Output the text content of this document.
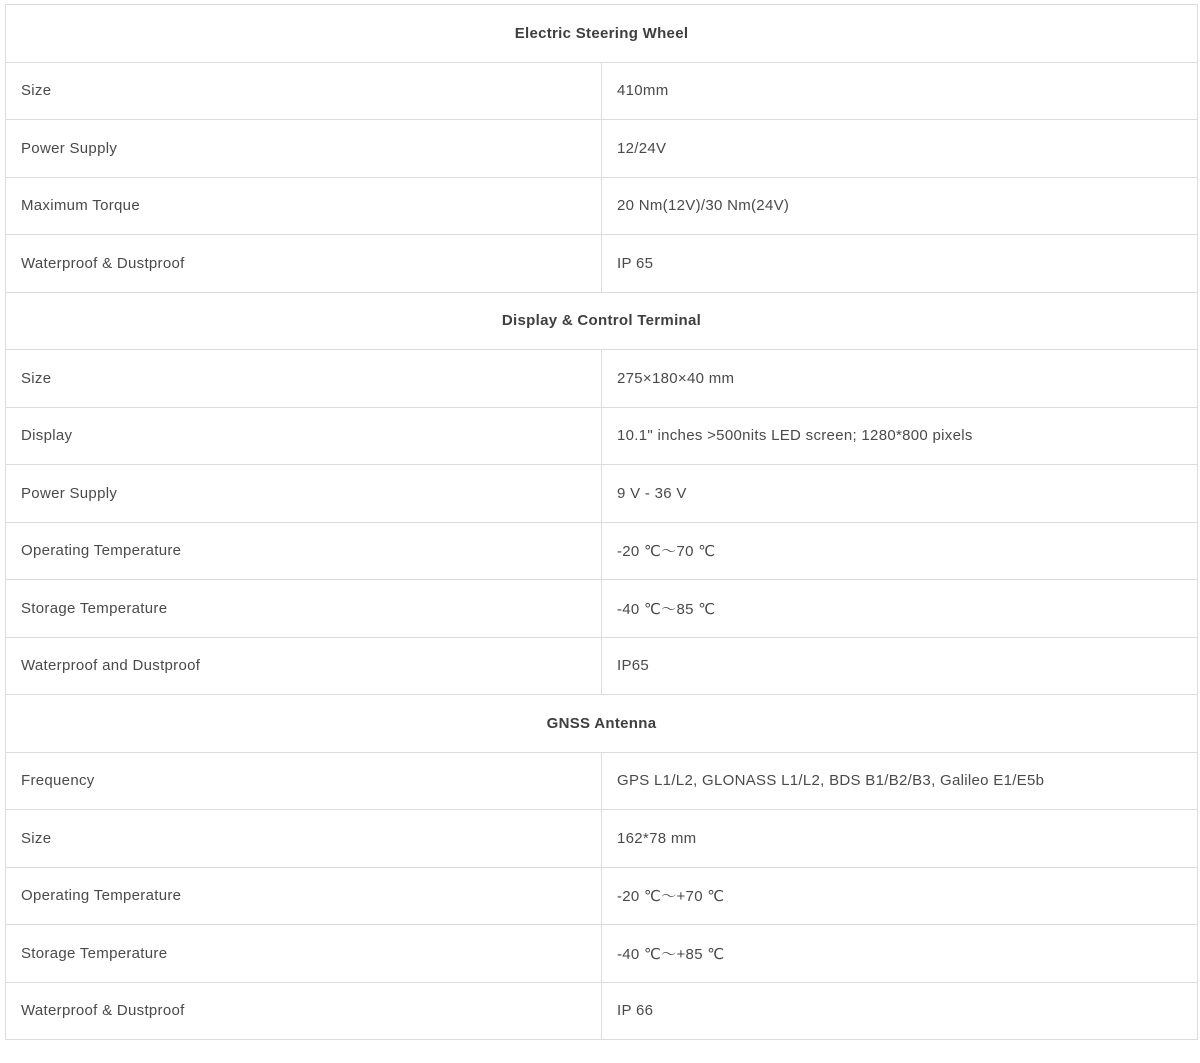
Electric Steering Wheel	
Size	410mm
Power Supply	12/24V
Maximum Torque	20 Nm(12V)/30 Nm(24V)
Waterproof & Dustproof	IP 65
Display & Control Terminal	
Size	275×180×40 mm
Display	10.1" inches >500nits LED screen; 1280*800 pixels
Power Supply	9 V - 36 V
Operating Temperature	-20 ℃～70 ℃
Storage Temperature	-40 ℃～85 ℃
Waterproof and Dustproof	IP65
GNSS Antenna	
Frequency	GPS L1/L2, GLONASS L1/L2, BDS B1/B2/B3, Galileo E1/E5b
Size	162*78 mm
Operating Temperature	-20 ℃～+70 ℃
Storage Temperature	-40 ℃～+85 ℃
Waterproof & Dustproof	IP 66
